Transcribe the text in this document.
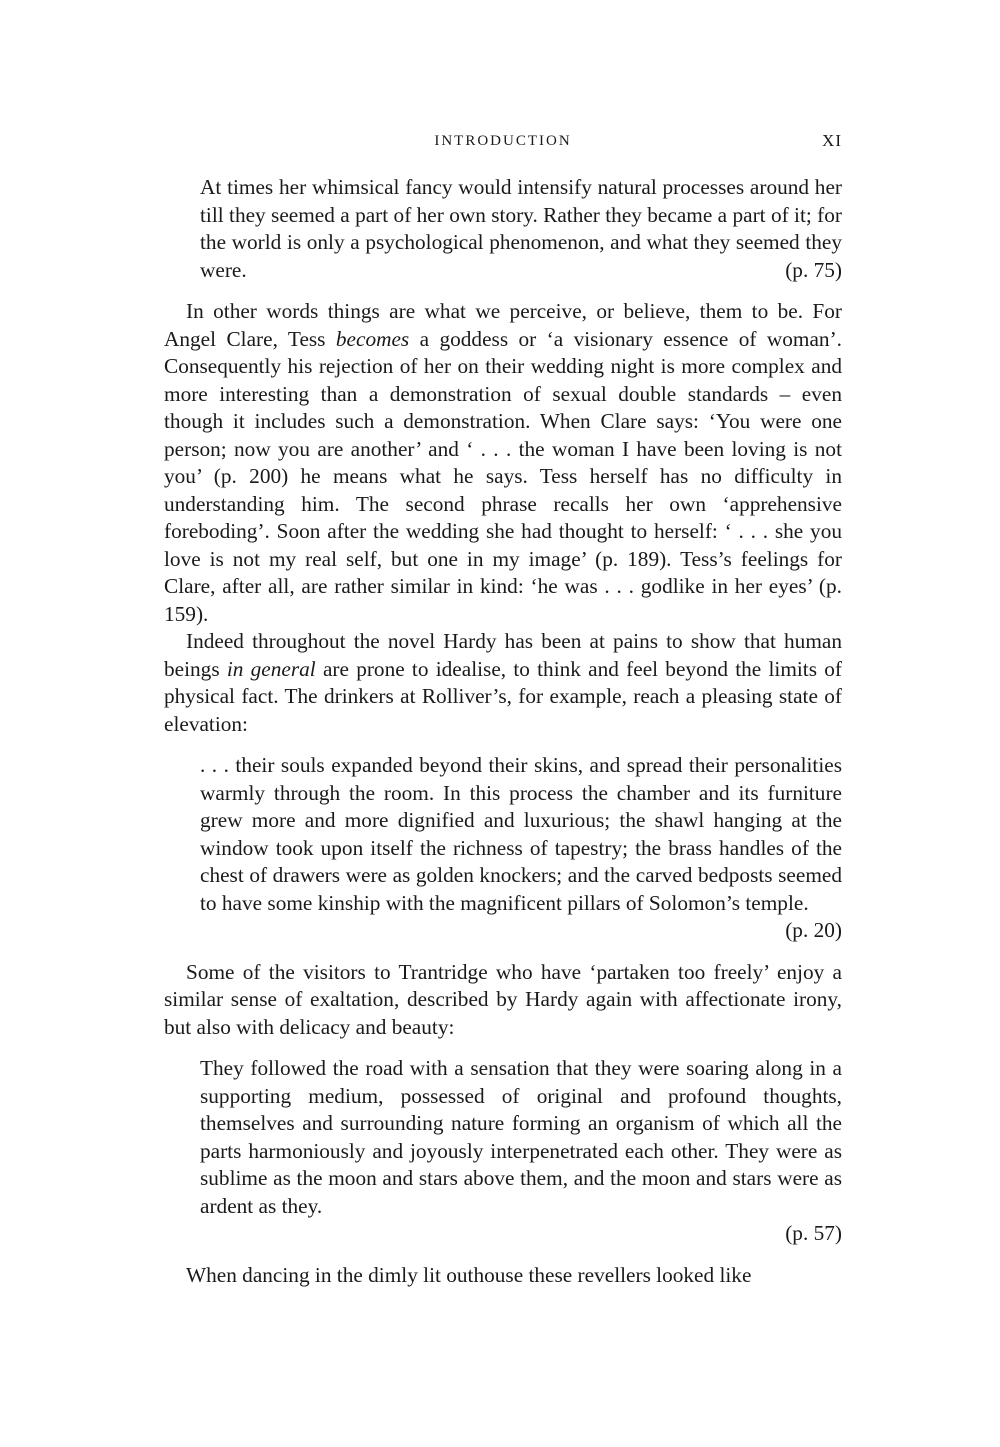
INTRODUCTION	XI

At times her whimsical fancy would intensify natural processes around her till they seemed a part of her own story. Rather they became a part of it; for the world is only a psychological phenomenon, and what they seemed they were.	(p. 75)

In other words things are what we perceive, or believe, them to be. For Angel Clare, Tess becomes a goddess or ‘a visionary essence of woman’. Consequently his rejection of her on their wedding night is more complex and more interesting than a demonstration of sexual double standards – even though it includes such a demonstration. When Clare says: ‘You were one person; now you are another’ and ‘ . . . the woman I have been loving is not you’ (p. 200) he means what he says. Tess herself has no difficulty in understanding him. The second phrase recalls her own ‘apprehensive foreboding’. Soon after the wedding she had thought to herself: ‘ . . . she you love is not my real self, but one in my image’ (p. 189). Tess’s feelings for Clare, after all, are rather similar in kind: ‘he was . . . godlike in her eyes’ (p. 159).

Indeed throughout the novel Hardy has been at pains to show that human beings in general are prone to idealise, to think and feel beyond the limits of physical fact. The drinkers at Rolliver’s, for example, reach a pleasing state of elevation:

. . . their souls expanded beyond their skins, and spread their personalities warmly through the room. In this process the chamber and its furniture grew more and more dignified and luxurious; the shawl hanging at the window took upon itself the richness of tapestry; the brass handles of the chest of drawers were as golden knockers; and the carved bedposts seemed to have some kinship with the magnificent pillars of Solomon’s temple.

(p. 20)

Some of the visitors to Trantridge who have ‘partaken too freely’ enjoy a similar sense of exaltation, described by Hardy again with affectionate irony, but also with delicacy and beauty:

They followed the road with a sensation that they were soaring along in a supporting medium, possessed of original and profound thoughts, themselves and surrounding nature forming an organism of which all the parts harmoniously and joyously interpenetrated each other. They were as sublime as the moon and stars above them, and the moon and stars were as ardent as they.

(p. 57)

When dancing in the dimly lit outhouse these revellers looked like
